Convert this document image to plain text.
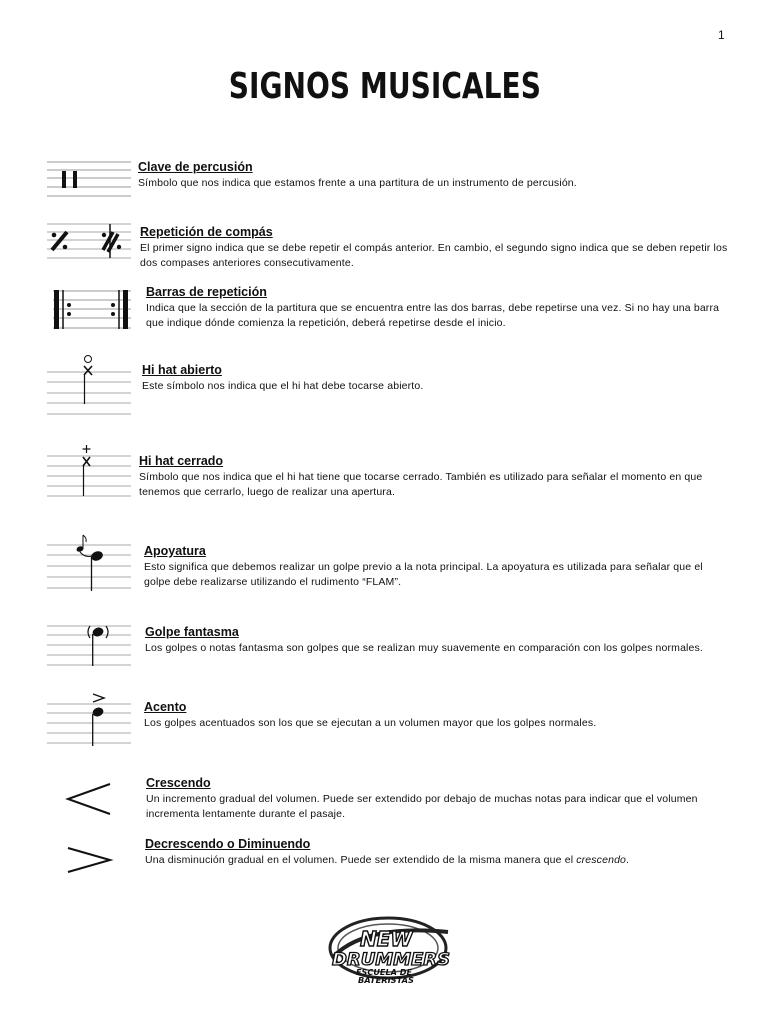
1
SIGNOS MUSICALES
Clave de percusión
Símbolo que nos indica que estamos frente a una partitura de un instrumento de percusión.
Repetición de compás
El primer signo indica que se debe repetir el compás anterior. En cambio, el segundo signo indica que se deben repetir los dos compases anteriores consecutivamente.
Barras de repetición
Indica que la sección de la partitura que se encuentra entre las dos barras, debe repetirse una vez. Si no hay una barra que indique dónde comienza la repetición, deberá repetirse desde el inicio.
Hi hat abierto
Este símbolo nos indica que el hi hat debe tocarse abierto.
Hi hat cerrado
Símbolo que nos indica que el hi hat tiene que tocarse cerrado. También es utilizado para señalar el momento en que tenemos que cerrarlo, luego de realizar una apertura.
Apoyatura
Esto significa que debemos realizar un golpe previo a la nota principal. La apoyatura es utilizada para señalar que el golpe debe realizarse utilizando el rudimento “FLAM”.
Golpe fantasma
Los golpes o notas fantasma son golpes que se realizan muy suavemente en comparación con los golpes normales.
Acento
Los golpes acentuados son los que se ejecutan a un volumen mayor que los golpes normales.
Crescendo
Un incremento gradual del volumen. Puede ser extendido por debajo de muchas notas para indicar que el volumen incrementa lentamente durante el pasaje.
Decrescendo o Diminuendo
Una disminución gradual en el volumen. Puede ser extendido de la misma manera que el crescendo.
NEW
DRUMMERS
ESCUELA DE
BATERISTAS
